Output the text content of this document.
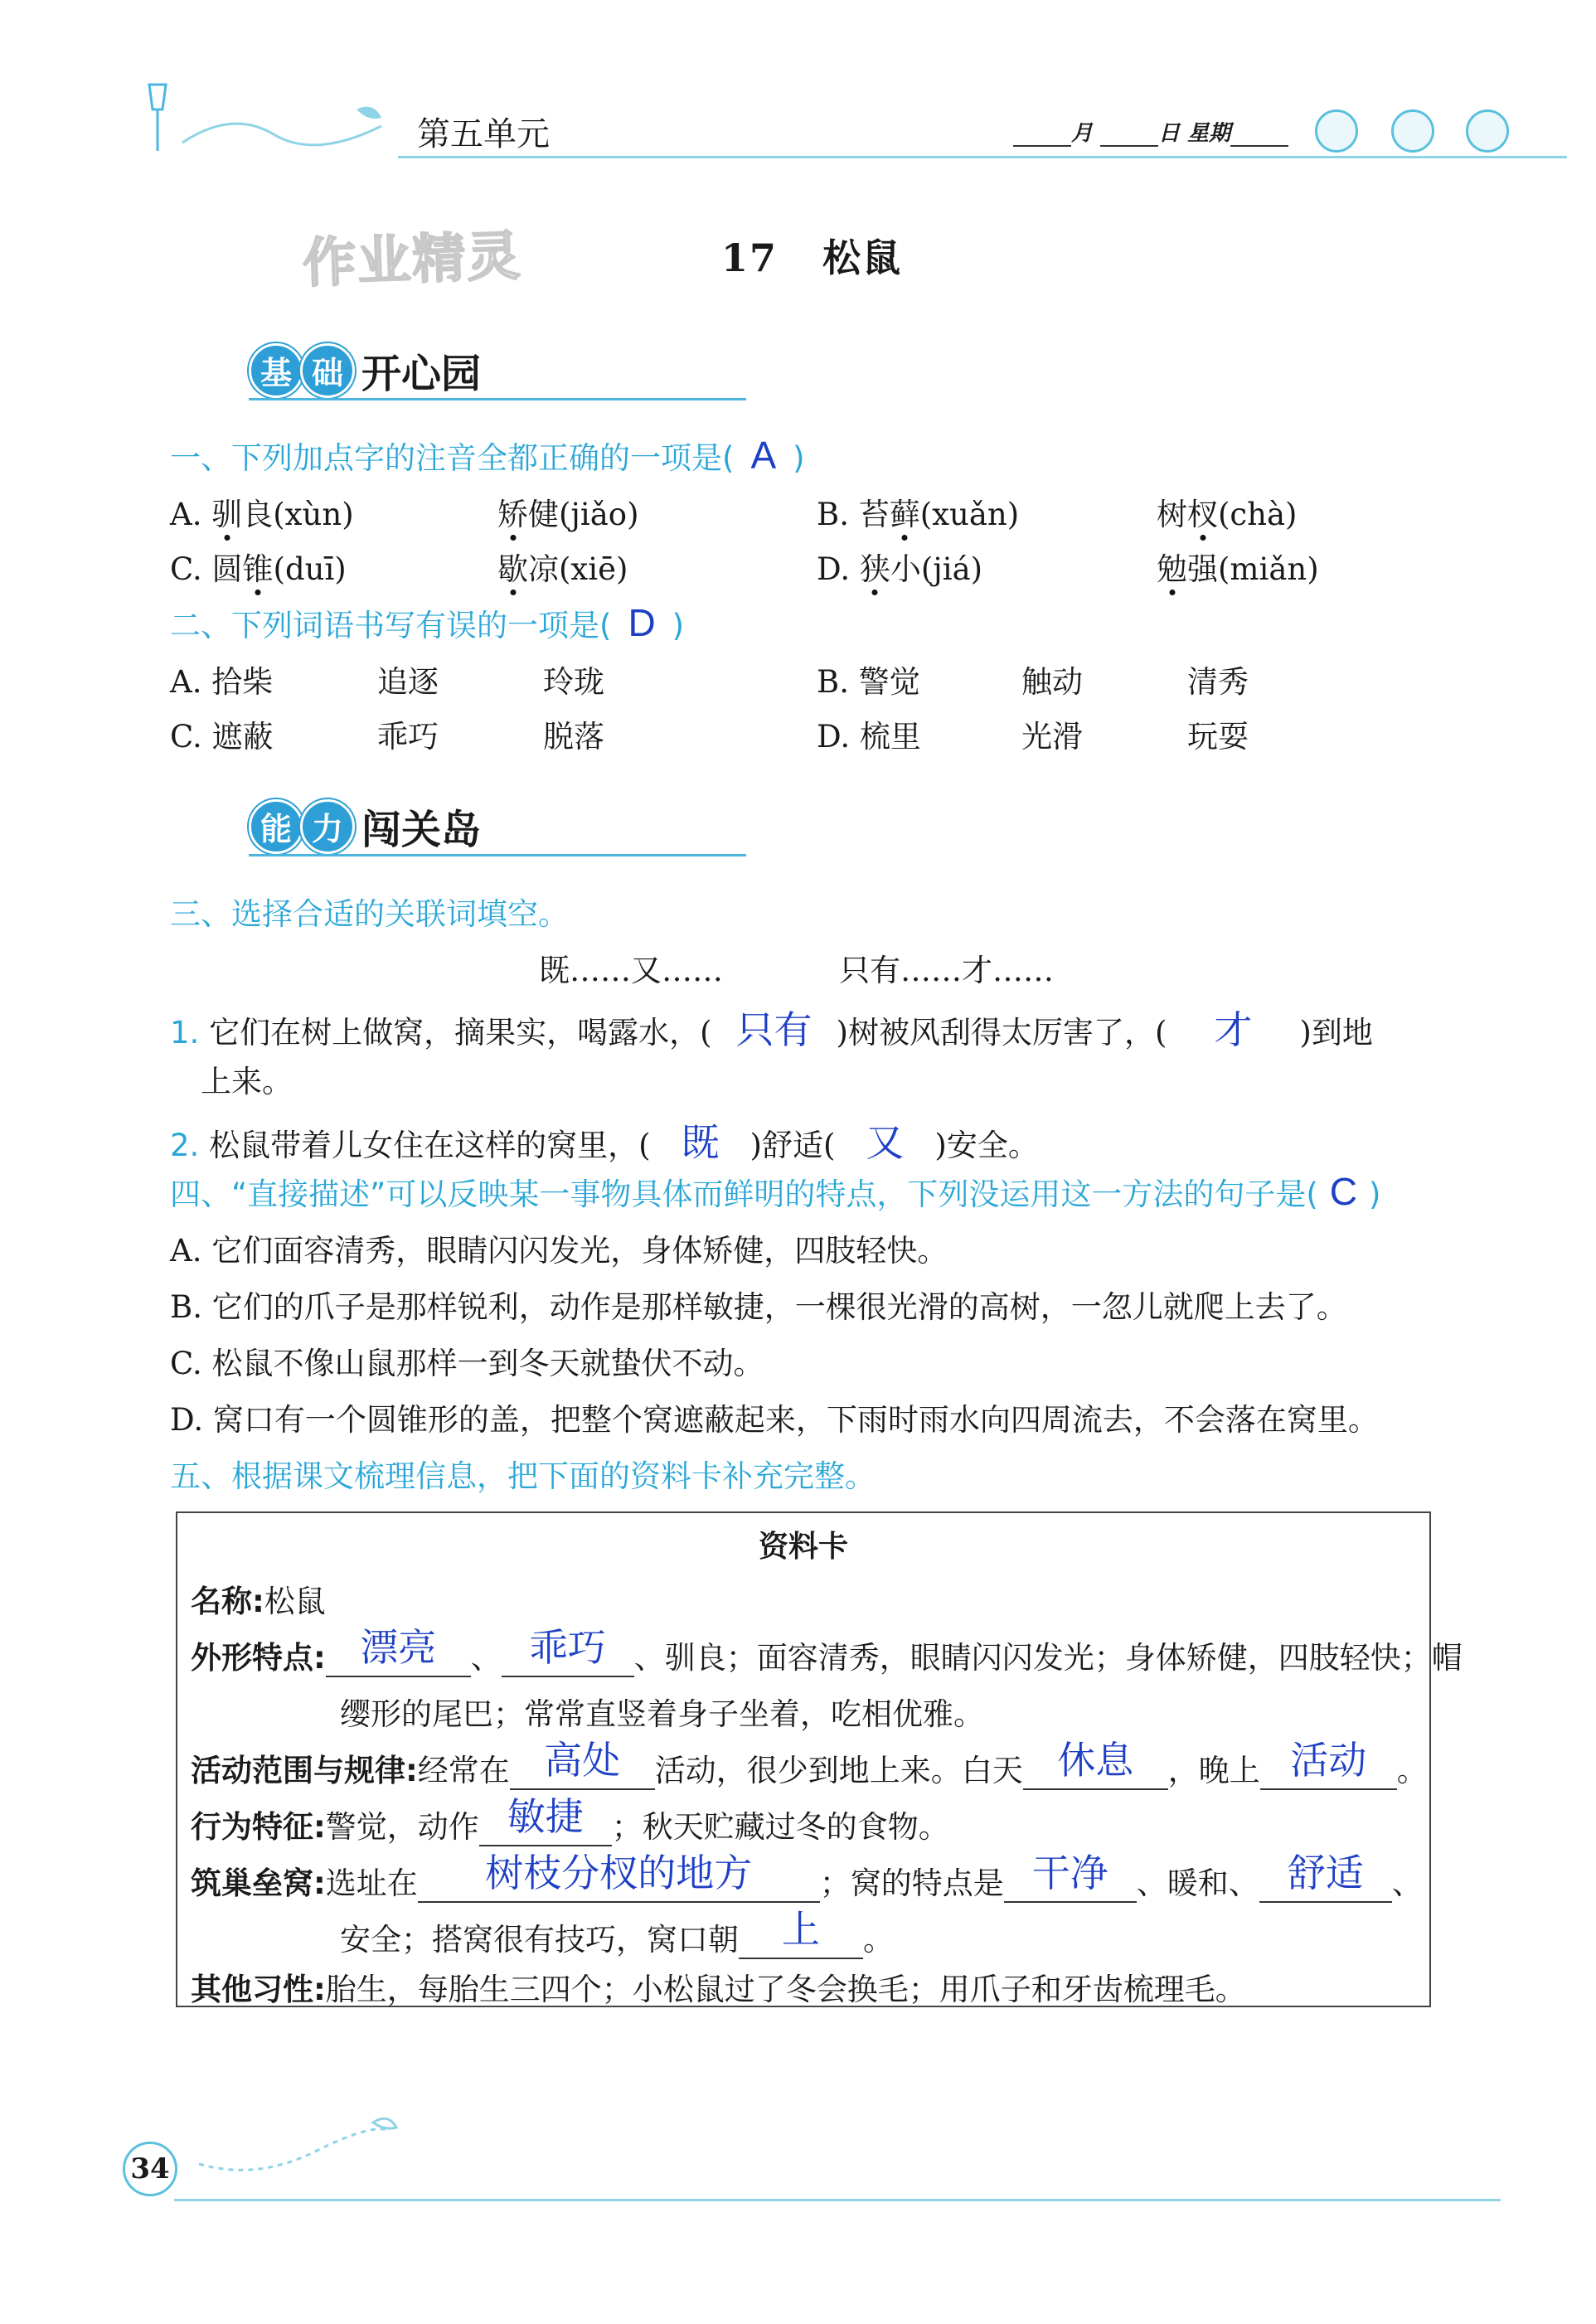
第五单元	月	日 星期
作业精灵	17 松鼠
基 础 开心园
一、下列加点字的注音全都正确的一项是( A )
A. 驯良(xùn)	矫健(jiǎo)	B. 苔藓(xuǎn)	树杈(chà)
C. 圆锥(duī)	歇凉(xiē)	D. 狭小(jiá)	勉强(miǎn)
二、下列词语书写有误的一项是( D )
A. 拾柴	追逐	玲珑	B. 警觉	触动	清秀
C. 遮蔽	乖巧	脱落	D. 梳里	光滑	玩耍
能 力 闯关岛
三、选择合适的关联词填空。
既……又……	只有……才……
1. 它们在树上做窝，摘果实，喝露水，( 只有 )树被风刮得太厉害了，( 才 )到地
上来。
2. 松鼠带着儿女住在这样的窝里，( 既 )舒适( 又 )安全。
四、“直接描述”可以反映某一事物具体而鲜明的特点，下列没运用这一方法的句子是( C )
A. 它们面容清秀，眼睛闪闪发光，身体矫健，四肢轻快。
B. 它们的爪子是那样锐利，动作是那样敏捷，一棵很光滑的高树，一忽儿就爬上去了。
C. 松鼠不像山鼠那样一到冬天就蛰伏不动。
D. 窝口有一个圆锥形的盖，把整个窝遮蔽起来，下雨时雨水向四周流去，不会落在窝里。
五、根据课文梳理信息，把下面的资料卡补充完整。
资料卡
名称:松鼠
外形特点: 漂亮	、 乖巧 、驯良；面容清秀，眼睛闪闪发光；身体矫健，四肢轻快；帽
缨形的尾巴；常常直竖着身子坐着，吃相优雅。
活动范围与规律:经常在 高处	活动，很少到地上来。白天 休息	，晚上 活动 。
行为特征:警觉，动作 敏捷 ；秋天贮藏过冬的食物。
筑巢垒窝:选址在	树枝分杈的地方	；窝的特点是 干净 、暖和、 舒适 、
安全；搭窝很有技巧，窝口朝	上	。
其他习性:胎生，每胎生三四个；小松鼠过了冬会换毛；用爪子和牙齿梳理毛。
34
